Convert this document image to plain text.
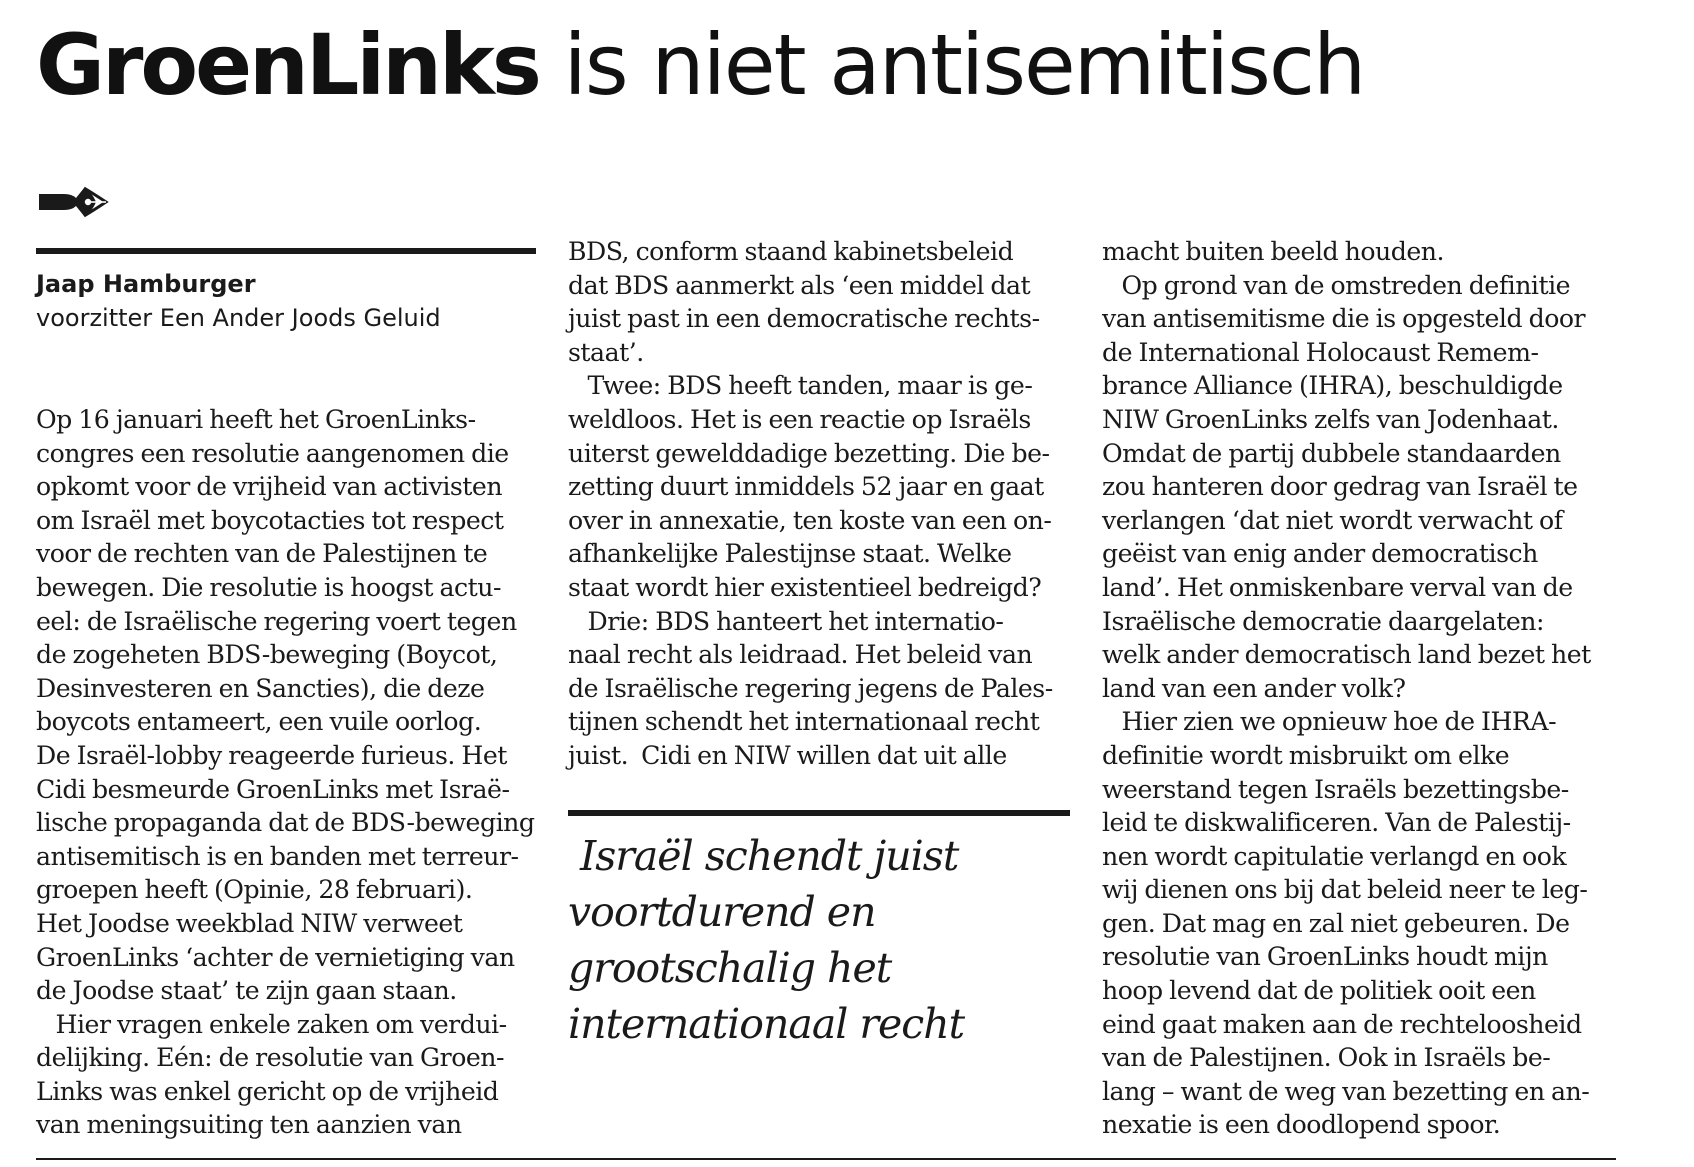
GroenLinks is niet antisemitisch

Jaap Hamburger

voorzitter Een Ander Joods Geluid

Op 16 januari heeft het GroenLinks-
congres een resolutie aangenomen die
opkomt voor de vrijheid van activisten
om Israël met boycotacties tot respect
voor de rechten van de Palestijnen te
bewegen. Die resolutie is hoogst actu-
eel: de Israëlische regering voert tegen
de zogeheten BDS-beweging (Boycot,
Desinvesteren en Sancties), die deze
boycots entameert, een vuile oorlog.
De Israël-lobby reageerde furieus. Het
Cidi besmeurde GroenLinks met Israë-
lische propaganda dat de BDS-beweging
antisemitisch is en banden met terreur-
groepen heeft (Opinie, 28 februari).
Het Joodse weekblad NIW verweet
GroenLinks ‘achter de vernietiging van
de Joodse staat’ te zijn gaan staan.
Hier vragen enkele zaken om verdui-
delijking. Eén: de resolutie van Groen-
Links was enkel gericht op de vrijheid
van meningsuiting ten aanzien van
BDS, conform staand kabinetsbeleid
dat BDS aanmerkt als ‘een middel dat
juist past in een democratische rechts-
staat’.
Twee: BDS heeft tanden, maar is ge-
weldloos. Het is een reactie op Israëls
uiterst gewelddadige bezetting. Die be-
zetting duurt inmiddels 52 jaar en gaat
over in annexatie, ten koste van een on-
afhankelijke Palestijnse staat. Welke
staat wordt hier existentieel bedreigd?
Drie: BDS hanteert het internatio-
naal recht als leidraad. Het beleid van
de Israëlische regering jegens de Pales-
tijnen schendt het internationaal recht
juist.  Cidi en NIW willen dat uit alle
macht buiten beeld houden.
Op grond van de omstreden definitie
van antisemitisme die is opgesteld door
de International Holocaust Remem-
brance Alliance (IHRA), beschuldigde
NIW GroenLinks zelfs van Jodenhaat.
Omdat de partij dubbele standaarden
zou hanteren door gedrag van Israël te
verlangen ‘dat niet wordt verwacht of
geëist van enig ander democratisch
land’. Het onmiskenbare verval van de
Israëlische democratie daargelaten:
welk ander democratisch land bezet het
land van een ander volk?
Hier zien we opnieuw hoe de IHRA-
definitie wordt misbruikt om elke
weerstand tegen Israëls bezettingsbe-
leid te diskwalificeren. Van de Palestij-
nen wordt capitulatie verlangd en ook
wij dienen ons bij dat beleid neer te leg-
gen. Dat mag en zal niet gebeuren. De
resolutie van GroenLinks houdt mijn
hoop levend dat de politiek ooit een
eind gaat maken aan de rechteloosheid
van de Palestijnen. Ook in Israëls be-
lang – want de weg van bezetting en an-
nexatie is een doodlopend spoor.
Israël schendt juist
voortdurend en
grootschalig het
internationaal recht
